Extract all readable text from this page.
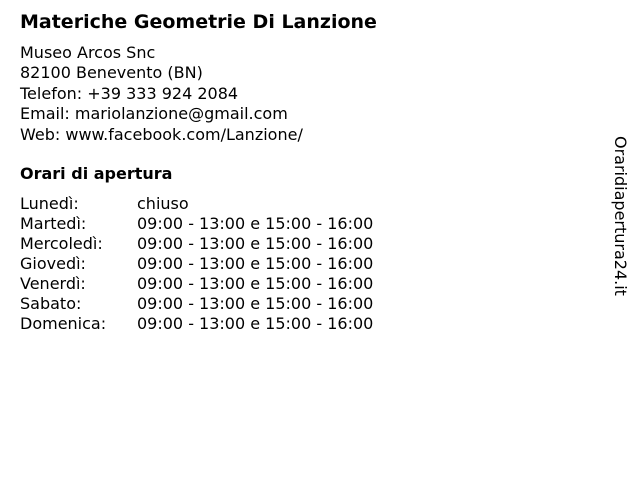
Materiche Geometrie Di Lanzione
Museo Arcos Snc
82100 Benevento (BN)
Telefon: +39 333 924 2084
Email: mariolanzione@gmail.com
Web: www.facebook.com/Lanzione/
Orari di apertura
Lunedì:	chiuso
Martedì:	09:00 - 13:00 e 15:00 - 16:00
Mercoledì:	09:00 - 13:00 e 15:00 - 16:00
Giovedì:	09:00 - 13:00 e 15:00 - 16:00
Venerdì:	09:00 - 13:00 e 15:00 - 16:00
Sabato:	09:00 - 13:00 e 15:00 - 16:00
Domenica:	09:00 - 13:00 e 15:00 - 16:00
Oraridiapertura24.it
